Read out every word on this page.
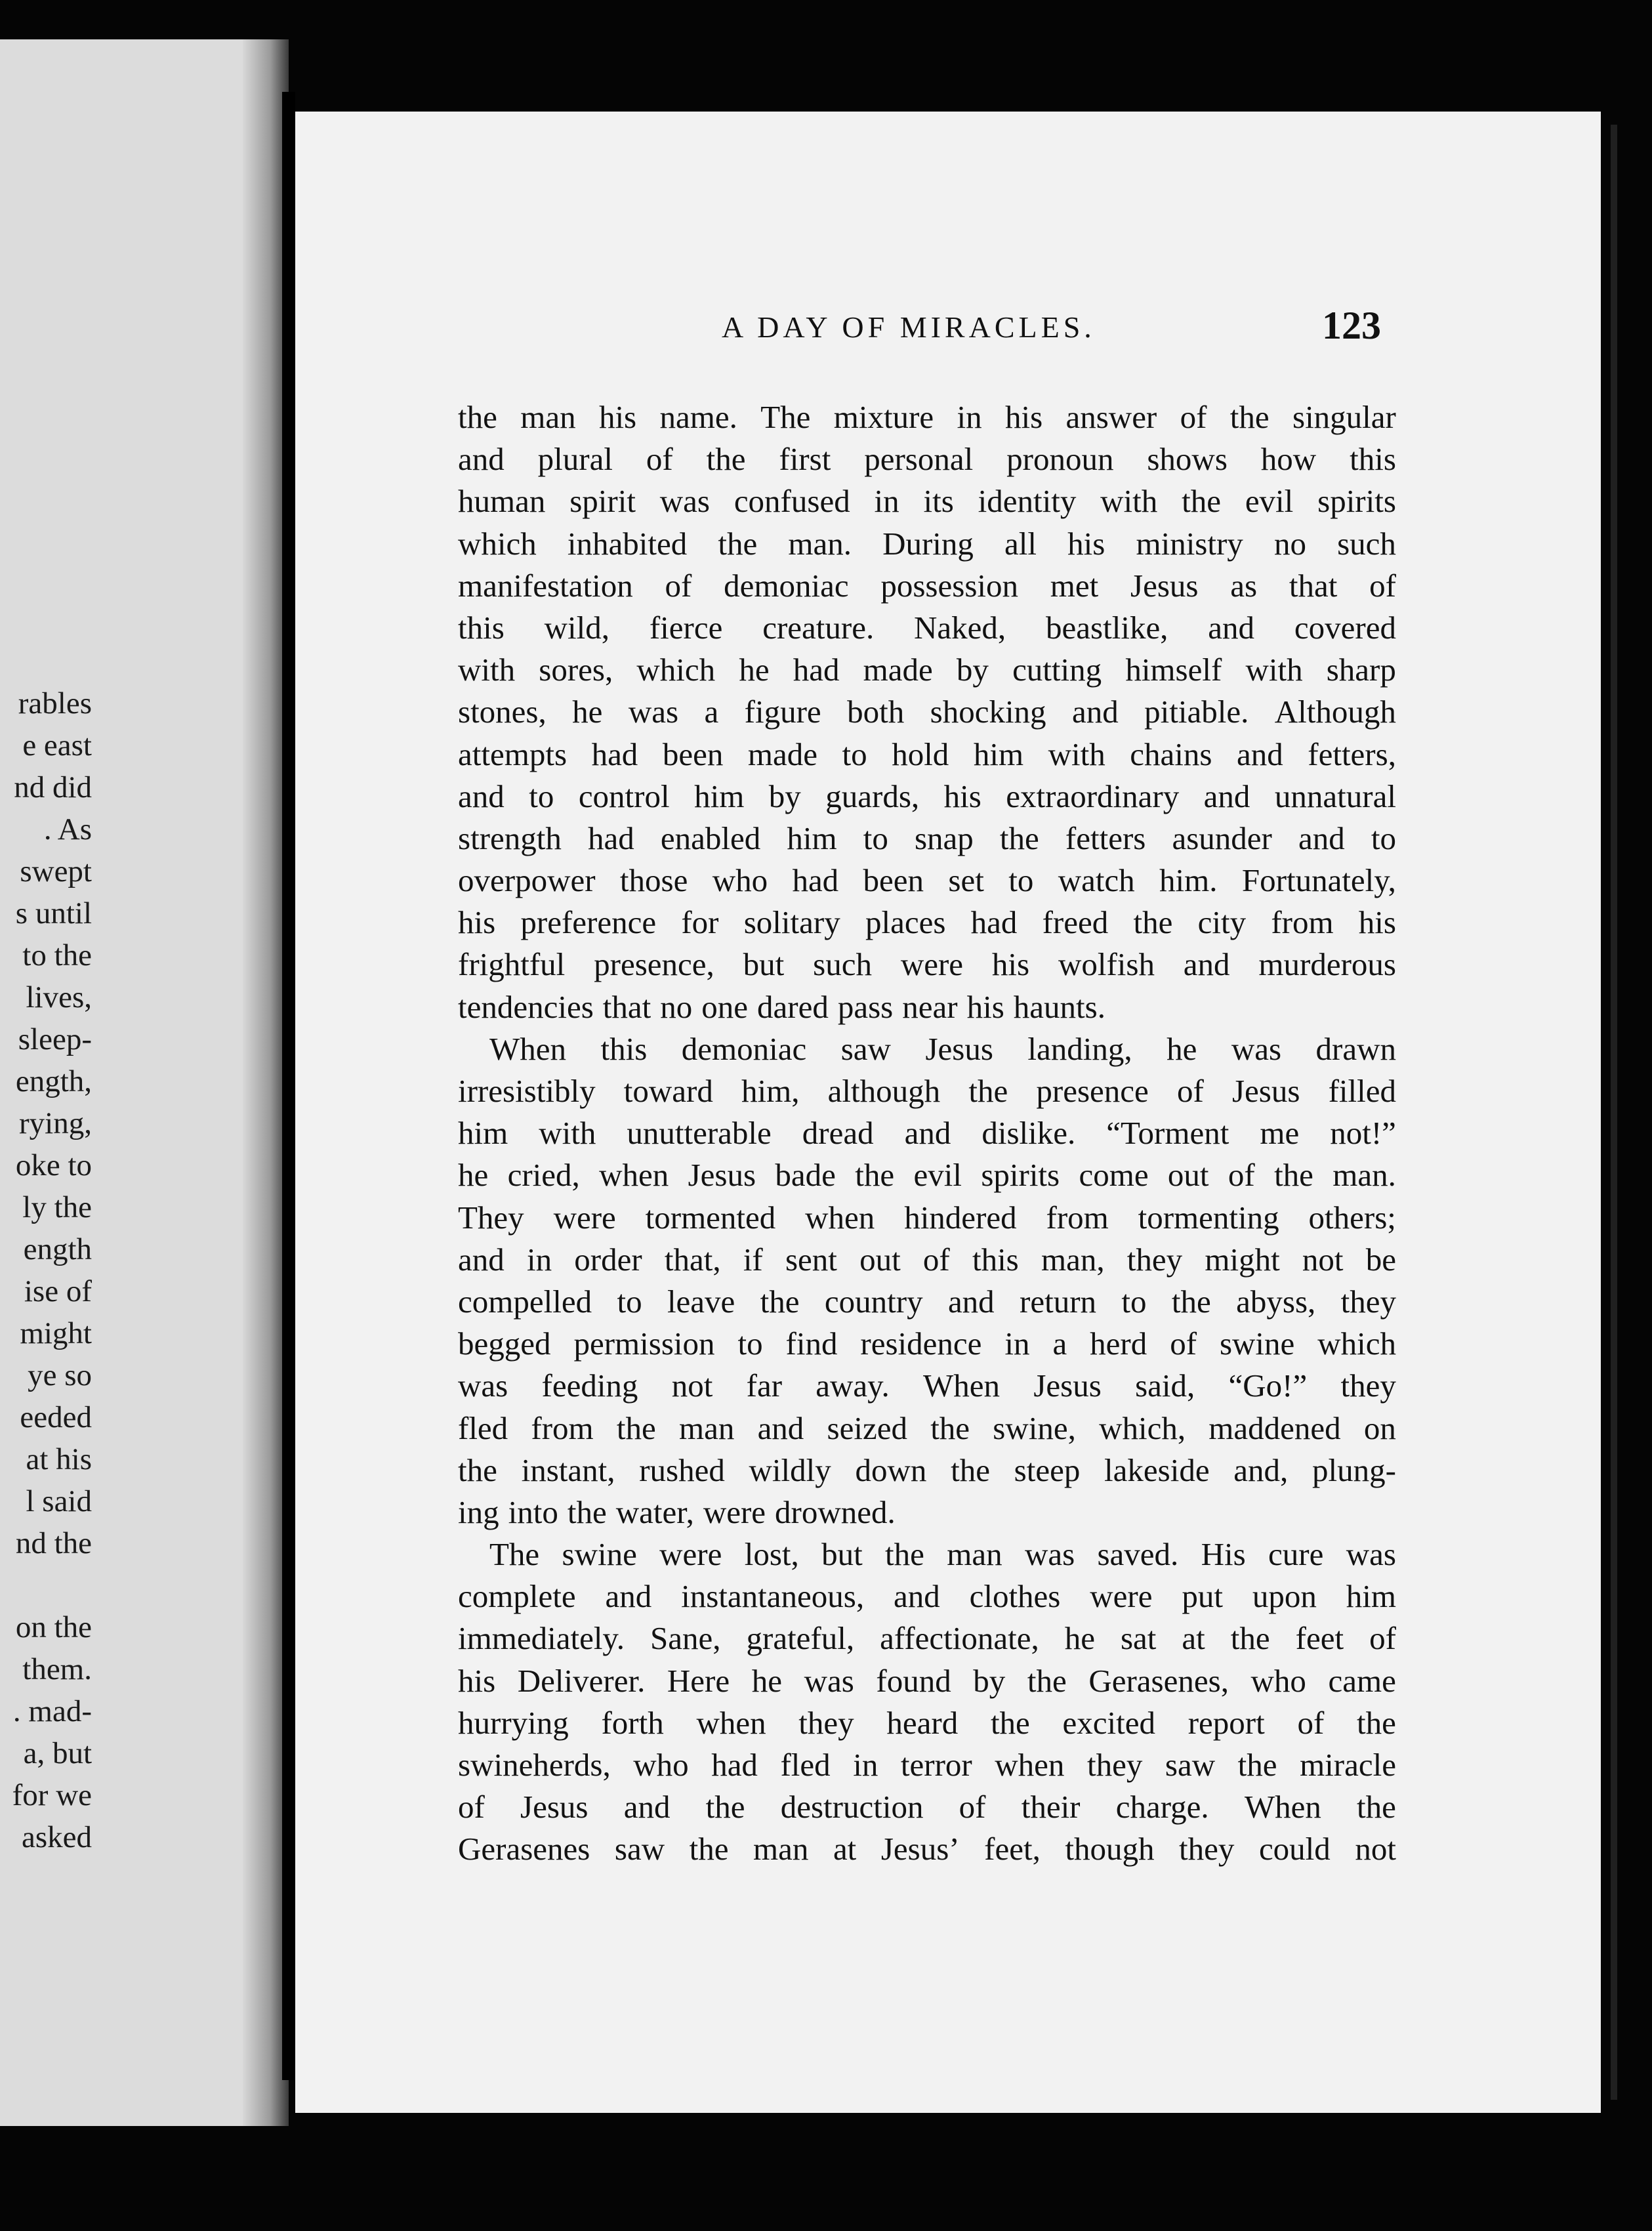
rables
e east
nd did
. As
swept
s until
to the
lives,
sleep-
ength,
rying,
oke to
ly the
ength
ise of
might
ye so
eeded
at his
l said
nd the
on the
them.
. mad-
a, but
for we
asked
A DAY OF MIRACLES.	123
the man his name. The mixture in his answer of the singular
and plural of the first personal pronoun shows how this
human spirit was confused in its identity with the evil spirits
which inhabited the man. During all his ministry no such
manifestation of demoniac possession met Jesus as that of
this wild, fierce creature. Naked, beastlike, and covered
with sores, which he had made by cutting himself with sharp
stones, he was a figure both shocking and pitiable. Although
attempts had been made to hold him with chains and fetters,
and to control him by guards, his extraordinary and unnatural
strength had enabled him to snap the fetters asunder and to
overpower those who had been set to watch him. Fortunately,
his preference for solitary places had freed the city from his
frightful presence, but such were his wolfish and murderous
tendencies that no one dared pass near his haunts.
When this demoniac saw Jesus landing, he was drawn
irresistibly toward him, although the presence of Jesus filled
him with unutterable dread and dislike. “Torment me not!”
he cried, when Jesus bade the evil spirits come out of the man.
They were tormented when hindered from tormenting others;
and in order that, if sent out of this man, they might not be
compelled to leave the country and return to the abyss, they
begged permission to find residence in a herd of swine which
was feeding not far away. When Jesus said, “Go!” they
fled from the man and seized the swine, which, maddened on
the instant, rushed wildly down the steep lakeside and, plung-
ing into the water, were drowned.
The swine were lost, but the man was saved. His cure was
complete and instantaneous, and clothes were put upon him
immediately. Sane, grateful, affectionate, he sat at the feet of
his Deliverer. Here he was found by the Gerasenes, who came
hurrying forth when they heard the excited report of the
swineherds, who had fled in terror when they saw the miracle
of Jesus and the destruction of their charge. When the
Gerasenes saw the man at Jesus’ feet, though they could not
